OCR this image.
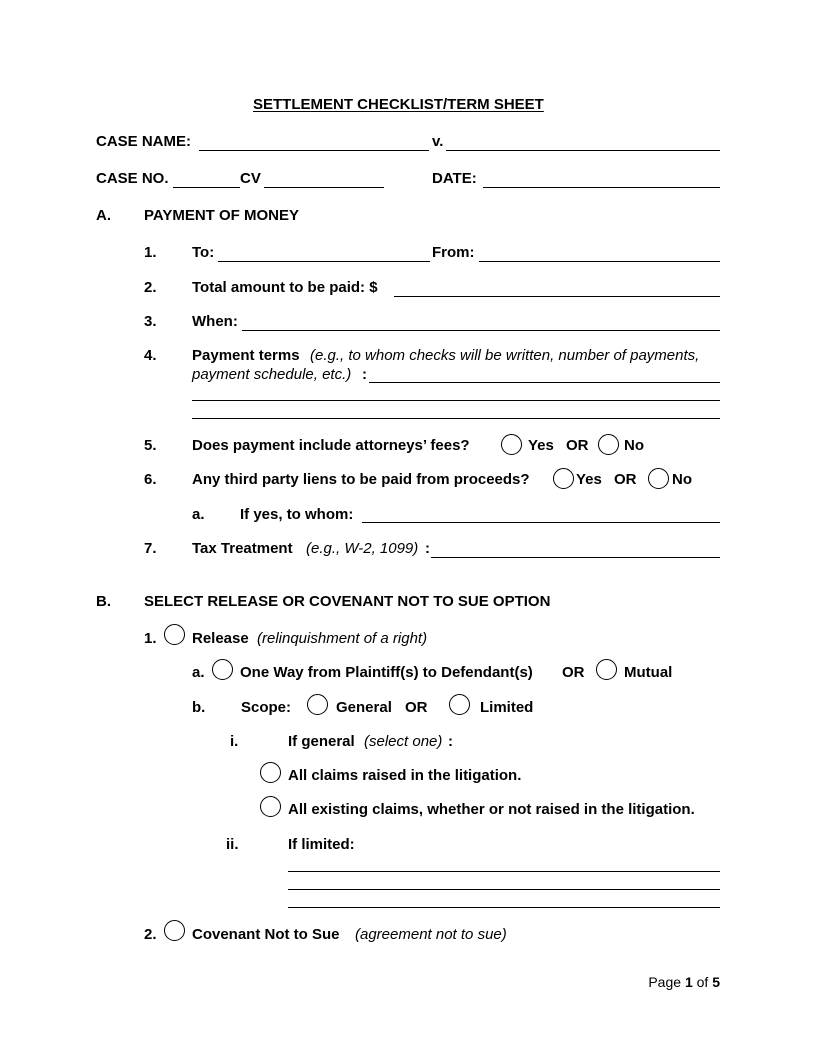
SETTLEMENT CHECKLIST/TERM SHEET
CASE NAME:	v.
CASE NO.	CV	DATE:
A. PAYMENT OF MONEY
1. To:	From:
2. Total amount to be paid: $
3. When:
4. Payment terms (e.g., to whom checks will be written, number of payments,
payment schedule, etc.) :
5. Does payment include attorneys’ fees?	Yes OR No
6. Any third party liens to be paid from proceeds?	Yes OR No
a. If yes, to whom:
7. Tax Treatment (e.g., W-2, 1099) :
B. SELECT RELEASE OR COVENANT NOT TO SUE OPTION
1. Release (relinquishment of a right)
a. One Way from Plaintiff(s) to Defendant(s) OR	Mutual
b. Scope:	General OR	Limited
i.	If general (select one) :
All claims raised in the litigation.
All existing claims, whether or not raised in the litigation.
ii.	If limited:
2. Covenant Not to Sue (agreement not to sue)
Page 1 of 5
